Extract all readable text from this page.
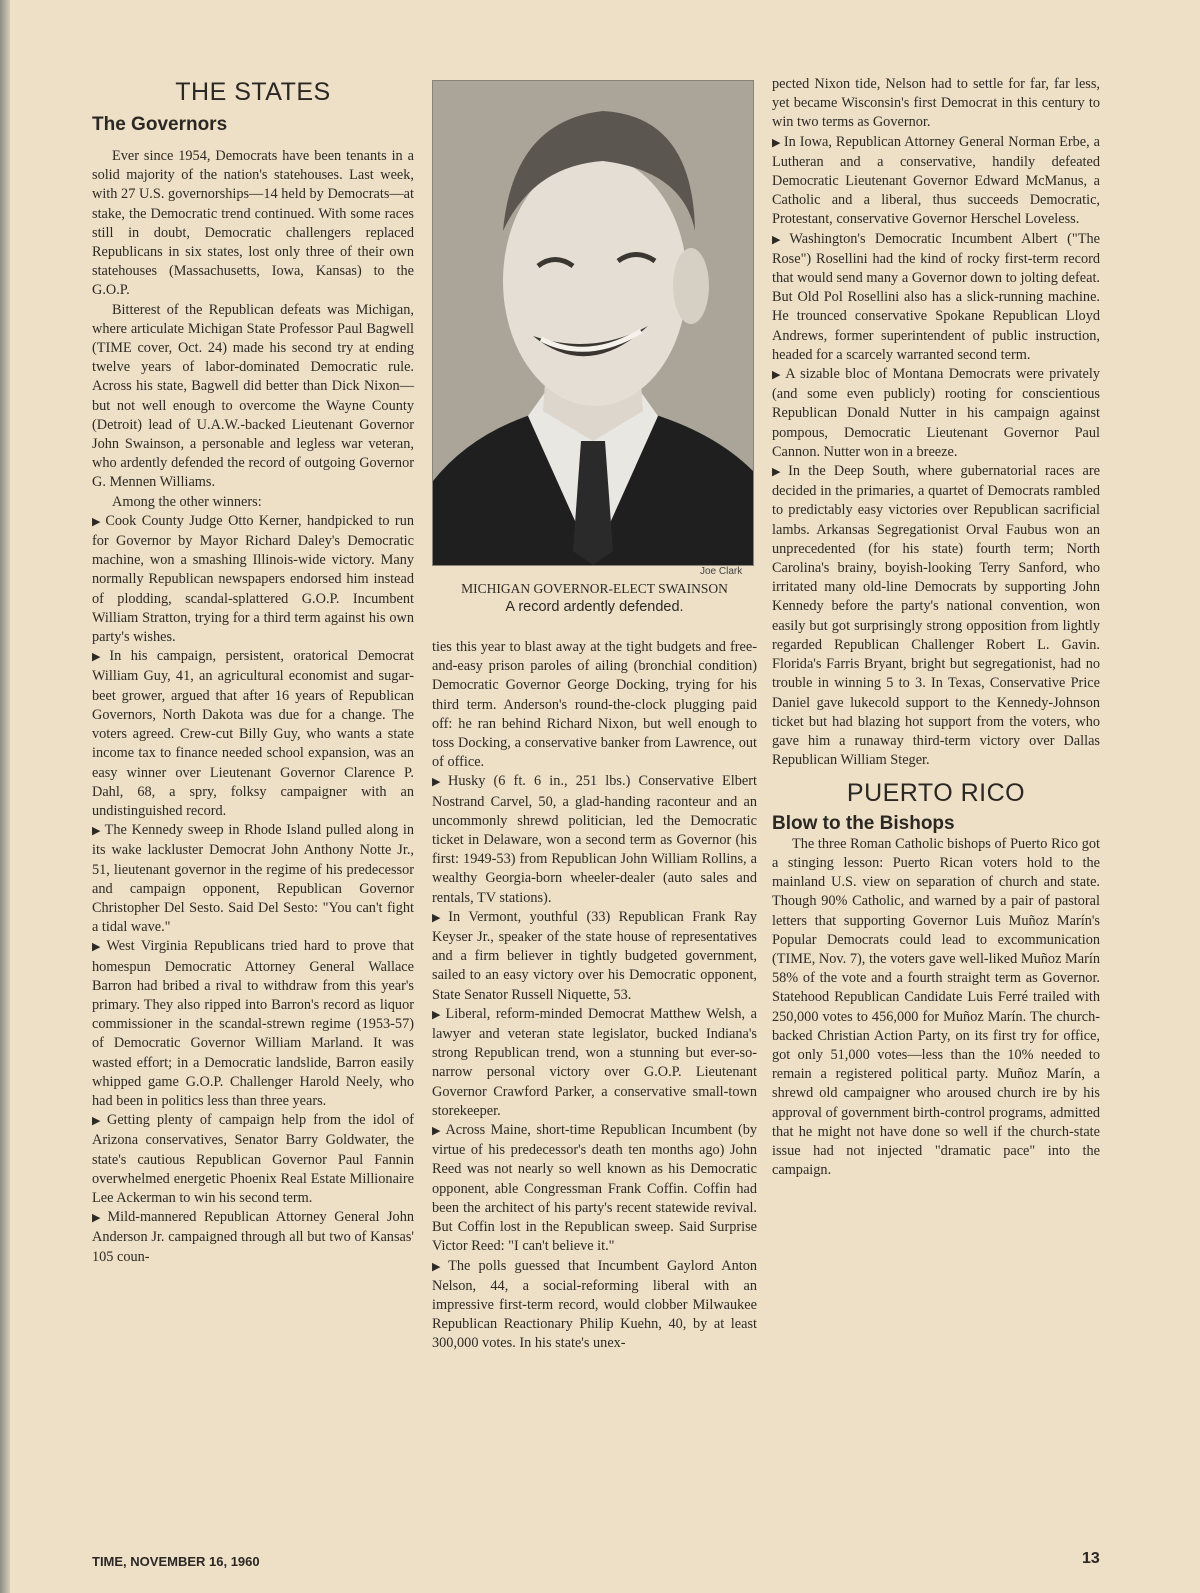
THE STATES
The Governors

Ever since 1954, Democrats have been tenants in a solid majority of the nation's statehouses. Last week, with 27 U.S. governorships—14 held by Democrats—at stake, the Democratic trend continued. With some races still in doubt, Democratic challengers replaced Republicans in six states, lost only three of their own statehouses (Massachusetts, Iowa, Kansas) to the G.O.P.

Bitterest of the Republican defeats was Michigan, where articulate Michigan State Professor Paul Bagwell (TIME cover, Oct. 24) made his second try at ending twelve years of labor-dominated Democratic rule. Across his state, Bagwell did better than Dick Nixon—but not well enough to overcome the Wayne County (Detroit) lead of U.A.W.-backed Lieutenant Governor John Swainson, a personable and legless war veteran, who ardently defended the record of outgoing Governor G. Mennen Williams.

Among the other winners:

▶ Cook County Judge Otto Kerner, handpicked to run for Governor by Mayor Richard Daley's Democratic machine, won a smashing Illinois-wide victory. Many normally Republican newspapers endorsed him instead of plodding, scandal-splattered G.O.P. Incumbent William Stratton, trying for a third term against his own party's wishes.

▶ In his campaign, persistent, oratorical Democrat William Guy, 41, an agricultural economist and sugar-beet grower, argued that after 16 years of Republican Governors, North Dakota was due for a change. The voters agreed. Crew-cut Billy Guy, who wants a state income tax to finance needed school expansion, was an easy winner over Lieutenant Governor Clarence P. Dahl, 68, a spry, folksy campaigner with an undistinguished record.

▶ The Kennedy sweep in Rhode Island pulled along in its wake lackluster Democrat John Anthony Notte Jr., 51, lieutenant governor in the regime of his predecessor and campaign opponent, Republican Governor Christopher Del Sesto. Said Del Sesto: "You can't fight a tidal wave."

▶ West Virginia Republicans tried hard to prove that homespun Democratic Attorney General Wallace Barron had bribed a rival to withdraw from this year's primary. They also ripped into Barron's record as liquor commissioner in the scandal-strewn regime (1953-57) of Democratic Governor William Marland. It was wasted effort; in a Democratic landslide, Barron easily whipped game G.O.P. Challenger Harold Neely, who had been in politics less than three years.

▶ Getting plenty of campaign help from the idol of Arizona conservatives, Senator Barry Goldwater, the state's cautious Republican Governor Paul Fannin overwhelmed energetic Phoenix Real Estate Millionaire Lee Ackerman to win his second term.

▶ Mild-mannered Republican Attorney General John Anderson Jr. campaigned through all but two of Kansas' 105 coun-

Joe Clark
MICHIGAN GOVERNOR-ELECT SWAINSON
A record ardently defended.

ties this year to blast away at the tight budgets and free-and-easy prison paroles of ailing (bronchial condition) Democratic Governor George Docking, trying for his third term. Anderson's round-the-clock plugging paid off: he ran behind Richard Nixon, but well enough to toss Docking, a conservative banker from Lawrence, out of office.

▶ Husky (6 ft. 6 in., 251 lbs.) Conservative Elbert Nostrand Carvel, 50, a glad-handing raconteur and an uncommonly shrewd politician, led the Democratic ticket in Delaware, won a second term as Governor (his first: 1949-53) from Republican John William Rollins, a wealthy Georgia-born wheeler-dealer (auto sales and rentals, TV stations).

▶ In Vermont, youthful (33) Republican Frank Ray Keyser Jr., speaker of the state house of representatives and a firm believer in tightly budgeted government, sailed to an easy victory over his Democratic opponent, State Senator Russell Niquette, 53.

▶ Liberal, reform-minded Democrat Matthew Welsh, a lawyer and veteran state legislator, bucked Indiana's strong Republican trend, won a stunning but ever-so-narrow personal victory over G.O.P. Lieutenant Governor Crawford Parker, a conservative small-town storekeeper.

▶ Across Maine, short-time Republican Incumbent (by virtue of his predecessor's death ten months ago) John Reed was not nearly so well known as his Democratic opponent, able Congressman Frank Coffin. Coffin had been the architect of his party's recent statewide revival. But Coffin lost in the Republican sweep. Said Surprise Victor Reed: "I can't believe it."

▶ The polls guessed that Incumbent Gaylord Anton Nelson, 44, a social-reforming liberal with an impressive first-term record, would clobber Milwaukee Republican Reactionary Philip Kuehn, 40, by at least 300,000 votes. In his state's unex-

pected Nixon tide, Nelson had to settle for far, far less, yet became Wisconsin's first Democrat in this century to win two terms as Governor.

▶ In Iowa, Republican Attorney General Norman Erbe, a Lutheran and a conservative, handily defeated Democratic Lieutenant Governor Edward McManus, a Catholic and a liberal, thus succeeds Democratic, Protestant, conservative Governor Herschel Loveless.

▶ Washington's Democratic Incumbent Albert ("The Rose") Rosellini had the kind of rocky first-term record that would send many a Governor down to jolting defeat. But Old Pol Rosellini also has a slick-running machine. He trounced conservative Spokane Republican Lloyd Andrews, former superintendent of public instruction, headed for a scarcely warranted second term.

▶ A sizable bloc of Montana Democrats were privately (and some even publicly) rooting for conscientious Republican Donald Nutter in his campaign against pompous, Democratic Lieutenant Governor Paul Cannon. Nutter won in a breeze.

▶ In the Deep South, where gubernatorial races are decided in the primaries, a quartet of Democrats rambled to predictably easy victories over Republican sacrificial lambs. Arkansas Segregationist Orval Faubus won an unprecedented (for his state) fourth term; North Carolina's brainy, boyish-looking Terry Sanford, who irritated many old-line Democrats by supporting John Kennedy before the party's national convention, won easily but got surprisingly strong opposition from lightly regarded Republican Challenger Robert L. Gavin. Florida's Farris Bryant, bright but segregationist, had no trouble in winning 5 to 3. In Texas, Conservative Price Daniel gave lukecold support to the Kennedy-Johnson ticket but had blazing hot support from the voters, who gave him a runaway third-term victory over Dallas Republican William Steger.

PUERTO RICO
Blow to the Bishops

The three Roman Catholic bishops of Puerto Rico got a stinging lesson: Puerto Rican voters hold to the mainland U.S. view on separation of church and state. Though 90% Catholic, and warned by a pair of pastoral letters that supporting Governor Luis Muñoz Marín's Popular Democrats could lead to excommunication (TIME, Nov. 7), the voters gave well-liked Muñoz Marín 58% of the vote and a fourth straight term as Governor. Statehood Republican Candidate Luis Ferré trailed with 250,000 votes to 456,000 for Muñoz Marín. The church-backed Christian Action Party, on its first try for office, got only 51,000 votes—less than the 10% needed to remain a registered political party. Muñoz Marín, a shrewd old campaigner who aroused church ire by his approval of government birth-control programs, admitted that he might not have done so well if the church-state issue had not injected "dramatic pace" into the campaign.

TIME, NOVEMBER 16, 1960	13
